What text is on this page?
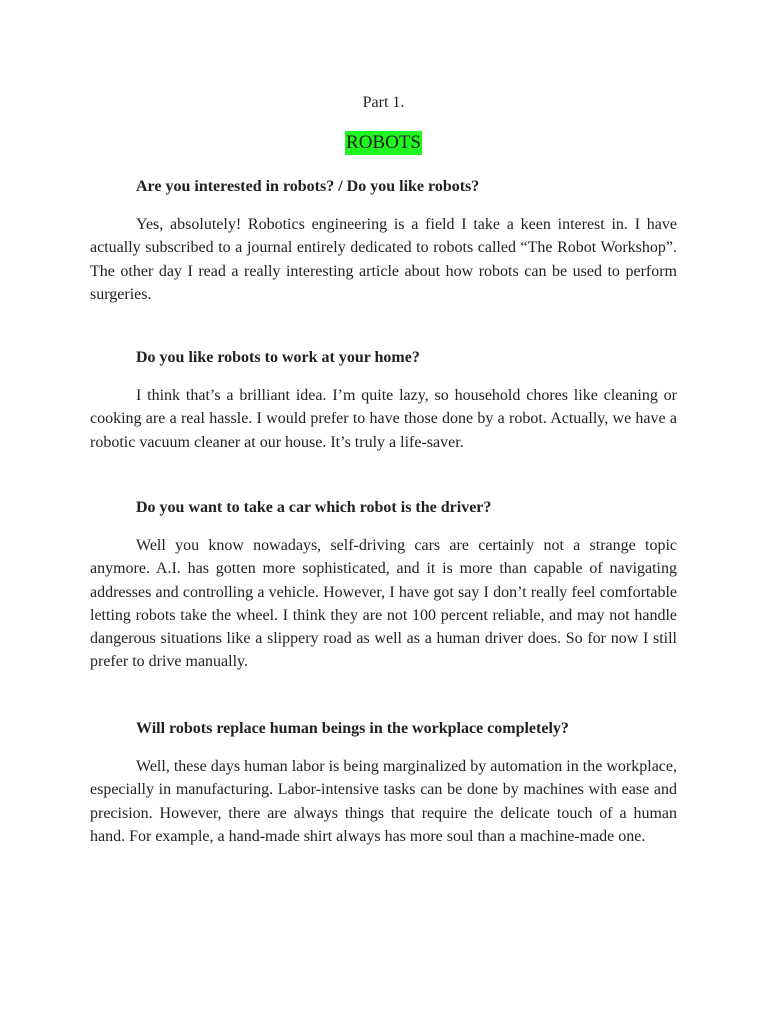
Part 1.
ROBOTS

Are you interested in robots? / Do you like robots?

Yes, absolutely! Robotics engineering is a field I take a keen interest in. I have actually subscribed to a journal entirely dedicated to robots called “The Robot Workshop”. The other day I read a really interesting article about how robots can be used to perform surgeries.

Do you like robots to work at your home?

I think that’s a brilliant idea. I’m quite lazy, so household chores like cleaning or cooking are a real hassle. I would prefer to have those done by a robot. Actually, we have a robotic vacuum cleaner at our house. It’s truly a life-saver.

Do you want to take a car which robot is the driver?

Well you know nowadays, self-driving cars are certainly not a strange topic anymore. A.I. has gotten more sophisticated, and it is more than capable of navigating addresses and controlling a vehicle. However, I have got say I don’t really feel comfortable letting robots take the wheel. I think they are not 100 percent reliable, and may not handle dangerous situations like a slippery road as well as a human driver does. So for now I still prefer to drive manually.

Will robots replace human beings in the workplace completely?

Well, these days human labor is being marginalized by automation in the workplace, especially in manufacturing. Labor-intensive tasks can be done by machines with ease and precision. However, there are always things that require the delicate touch of a human hand. For example, a hand-made shirt always has more soul than a machine-made one.
